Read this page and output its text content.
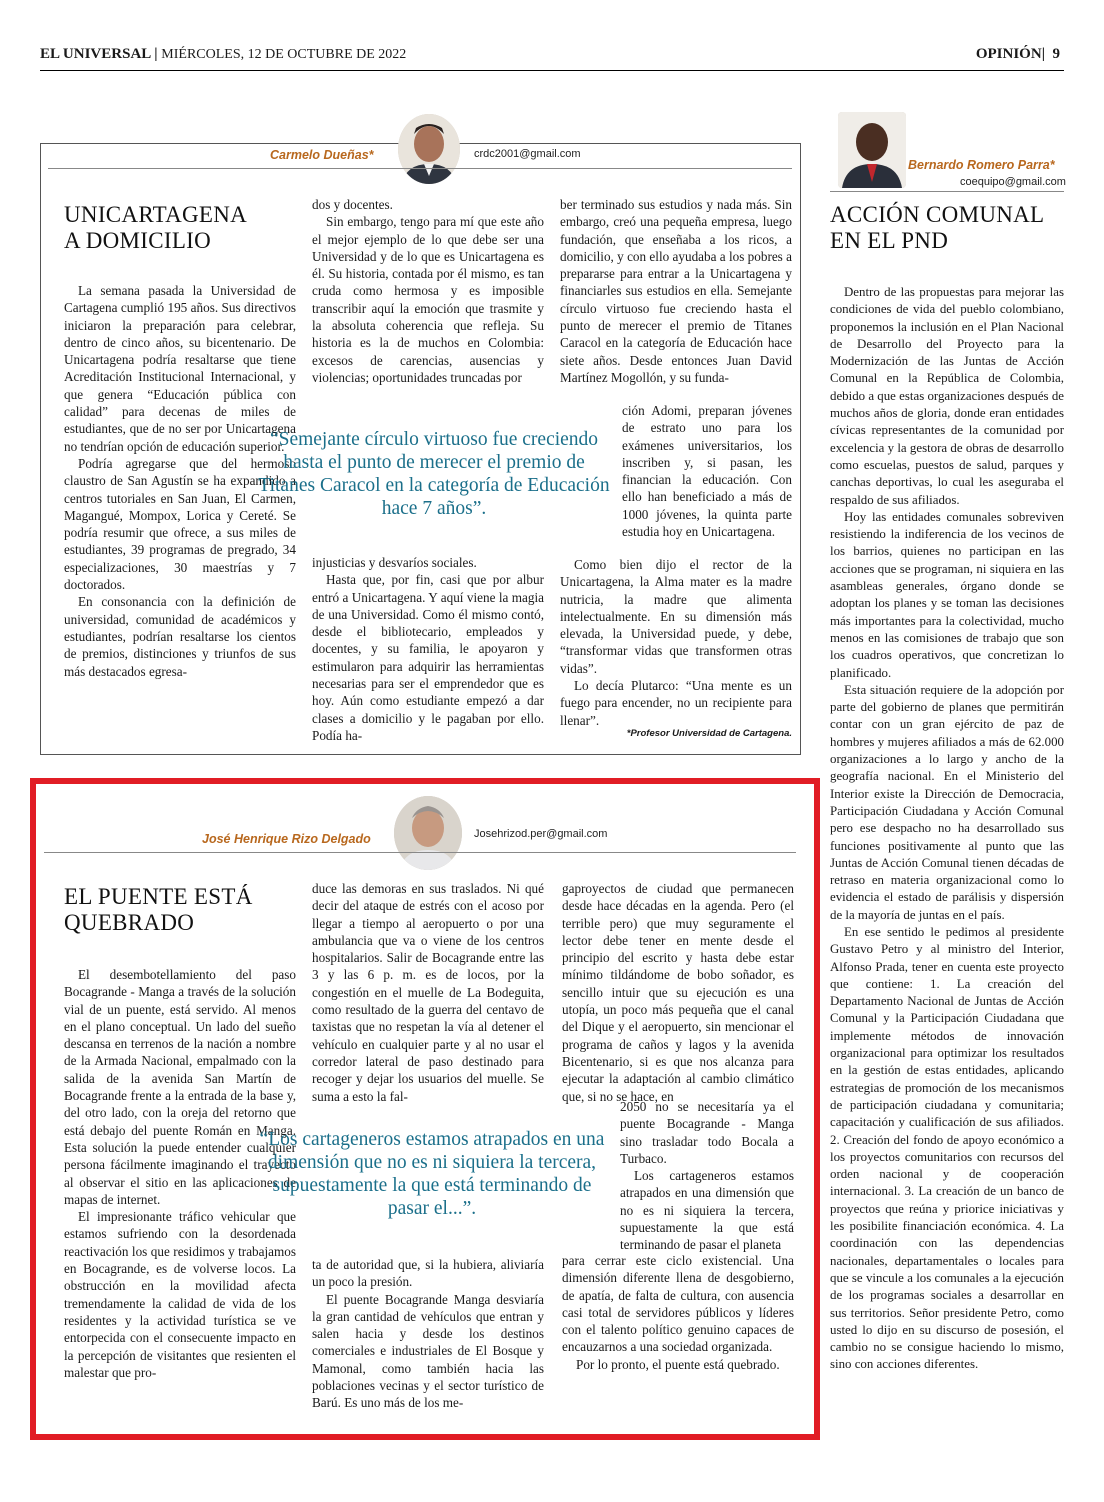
EL UNIVERSAL | MIÉRCOLES, 12 DE OCTUBRE DE 2022	OPINIÓN|  9
Carmelo Dueñas*	crdc2001@gmail.com
UNICARTAGENA
A DOMICILIO

La semana pasada la Universidad de Cartagena cumplió 195 años. Sus directivos iniciaron la preparación para celebrar, dentro de cinco años, su bicentenario. De Unicartagena podría resaltarse que tiene Acreditación Institucional Internacional, y que genera “Educación pública con calidad” para decenas de miles de estudiantes, que de no ser por Unicartagena no tendrían opción de educación superior.

Podría agregarse que del hermoso claustro de San Agustín se ha expandido a centros tutoriales en San Juan, El Carmen, Magangué, Mompox, Lorica y Cereté. Se podría resumir que ofrece, a sus miles de estudiantes, 39 programas de pregrado, 34 especializaciones, 30 maestrías y 7 doctorados.

En consonancia con la definición de universidad, comunidad de académicos y estudiantes, podrían resaltarse los cientos de premios, distinciones y triunfos de sus más destacados egresa-

dos y docentes.

Sin embargo, tengo para mí que este año el mejor ejemplo de lo que debe ser una Universidad y de lo que es Unicartagena es él. Su historia, contada por él mismo, es tan cruda como hermosa y es imposible transcribir aquí la emoción que trasmite y la absoluta coherencia que refleja. Su historia es la de muchos en Colombia: excesos de carencias, ausencias y violencias; oportunidades truncadas por

“Semejante círculo virtuoso fue creciendo hasta el punto de merecer el premio de Titanes Caracol en la categoría de Educación hace 7 años”.

injusticias y desvaríos sociales.

Hasta que, por fin, casi que por albur entró a Unicartagena. Y aquí viene la magia de una Universidad. Como él mismo contó, desde el bibliotecario, empleados y docentes, y su familia, le apoyaron y estimularon para adquirir las herramientas necesarias para ser el emprendedor que es hoy. Aún como estudiante empezó a dar clases a domicilio y le pagaban por ello. Podía ha-

ber terminado sus estudios y nada más. Sin embargo, creó una pequeña empresa, luego fundación, que enseñaba a los ricos, a domicilio, y con ello ayudaba a los pobres a prepararse para entrar a la Unicartagena y financiarles sus estudios en ella. Semejante círculo virtuoso fue creciendo hasta el punto de merecer el premio de Titanes Caracol en la categoría de Educación hace siete años. Desde entonces Juan David Martínez Mogollón, y su funda-

ción Adomi, preparan jóvenes de estrato uno para los exámenes universitarios, los inscriben y, si pasan, les financian la educación. Con ello han beneficiado a más de 1000 jóvenes, la quinta parte estudia hoy en Unicartagena.

Como bien dijo el rector de la Unicartagena, la Alma mater es la madre nutricia, la madre que alimenta intelectualmente. En su dimensión más elevada, la Universidad puede, y debe, “transformar vidas que transformen otras vidas”.

Lo decía Plutarco: “Una mente es un fuego para encender, no un recipiente para llenar”.

*Profesor Universidad de Cartagena.
José Henrique Rizo Delgado	Josehrizod.per@gmail.com
EL PUENTE ESTÁ
QUEBRADO

El desembotellamiento del paso Bocagrande - Manga a través de la solución vial de un puente, está servido. Al menos en el plano conceptual. Un lado del sueño descansa en terrenos de la nación a nombre de la Armada Nacional, empalmado con la salida de la avenida San Martín de Bocagrande frente a la entrada de la base y, del otro lado, con la oreja del retorno que está debajo del puente Román en Manga. Esta solución la puede entender cualquier persona fácilmente imaginando el trayecto al observar el sitio en las aplicaciones de mapas de internet.

El impresionante tráfico vehicular que estamos sufriendo con la desordenada reactivación los que residimos y trabajamos en Bocagrande, es de volverse locos. La obstrucción en la movilidad afecta tremendamente la calidad de vida de los residentes y la actividad turística se ve entorpecida con el consecuente impacto en la percepción de visitantes que resienten el malestar que pro-

duce las demoras en sus traslados. Ni qué decir del ataque de estrés con el acoso por llegar a tiempo al aeropuerto o por una ambulancia que va o viene de los centros hospitalarios. Salir de Bocagrande entre las 3 y las 6 p. m. es de locos, por la congestión en el muelle de La Bodeguita, como resultado de la guerra del centavo de taxistas que no respetan la vía al detener el vehículo en cualquier parte y al no usar el corredor lateral de paso destinado para recoger y dejar los usuarios del muelle. Se suma a esto la fal-

“Los cartageneros estamos atrapados en una dimensión que no es ni siquiera la tercera, supuestamente la que está terminando de pasar el...”.

ta de autoridad que, si la hubiera, aliviaría un poco la presión.

El puente Bocagrande Manga desviaría la gran cantidad de vehículos que entran y salen hacia y desde los destinos comerciales e industriales de El Bosque y Mamonal, como también hacia las poblaciones vecinas y el sector turístico de Barú. Es uno más de los me-

gaproyectos de ciudad que permanecen desde hace décadas en la agenda. Pero (el terrible pero) que muy seguramente el lector debe tener en mente desde el principio del escrito y hasta debe estar mínimo tildándome de bobo soñador, es sencillo intuir que su ejecución es una utopía, un poco más pequeña que el canal del Dique y el aeropuerto, sin mencionar el programa de caños y lagos y la avenida Bicentenario, si es que nos alcanza para ejecutar la adaptación al cambio climático que, si no se hace, en

2050 no se necesitaría ya el puente Bocagrande - Manga sino trasladar todo Bocala a Turbaco.

Los cartageneros estamos atrapados en una dimensión que no es ni siquiera la tercera, supuestamente la que está terminando de pasar el planeta

para cerrar este ciclo existencial. Una dimensión diferente llena de desgobierno, de apatía, de falta de cultura, con ausencia casi total de servidores públicos y líderes con el talento político genuino capaces de encauzarnos a una sociedad organizada.

Por lo pronto, el puente está quebrado.

Bernardo Romero Parra*
coequipo@gmail.com
ACCIÓN COMUNAL
EN EL PND

Dentro de las propuestas para mejorar las condiciones de vida del pueblo colombiano, proponemos la inclusión en el Plan Nacional de Desarrollo del Proyecto para la Modernización de las Juntas de Acción Comunal en la República de Colombia, debido a que estas organizaciones después de muchos años de gloria, donde eran entidades cívicas representantes de la comunidad por excelencia y la gestora de obras de desarrollo como escuelas, puestos de salud, parques y canchas deportivas, lo cual les aseguraba el respaldo de sus afiliados.

Hoy las entidades comunales sobreviven resistiendo la indiferencia de los vecinos de los barrios, quienes no participan en las acciones que se programan, ni siquiera en las asambleas generales, órgano donde se adoptan los planes y se toman las decisiones más importantes para la colectividad, mucho menos en las comisiones de trabajo que son los cuadros operativos, que concretizan lo planificado.

Esta situación requiere de la adopción por parte del gobierno de planes que permitirán contar con un gran ejército de paz de hombres y mujeres afiliados a más de 62.000 organizaciones a lo largo y ancho de la geografía nacional. En el Ministerio del Interior existe la Dirección de Democracia, Participación Ciudadana y Acción Comunal pero ese despacho no ha desarrollado sus funciones positivamente al punto que las Juntas de Acción Comunal tienen décadas de retraso en materia organizacional como lo evidencia el estado de parálisis y dispersión de la mayoría de juntas en el país.

En ese sentido le pedimos al presidente Gustavo Petro y al ministro del Interior, Alfonso Prada, tener en cuenta este proyecto que contiene: 1. La creación del Departamento Nacional de Juntas de Acción Comunal y la Participación Ciudadana que implemente métodos de innovación organizacional para optimizar los resultados en la gestión de estas entidades, aplicando estrategias de promoción de los mecanismos de participación ciudadana y comunitaria; capacitación y cualificación de sus afiliados. 2. Creación del fondo de apoyo económico a los proyectos comunitarios con recursos del orden nacional y de cooperación internacional. 3. La creación de un banco de proyectos que reúna y priorice iniciativas y les posibilite financiación económica. 4. La coordinación con las dependencias nacionales, departamentales o locales para que se vincule a los comunales a la ejecución de los programas sociales a desarrollar en sus territorios. Señor presidente Petro, como usted lo dijo en su discurso de posesión, el cambio no se consigue haciendo lo mismo, sino con acciones diferentes.
